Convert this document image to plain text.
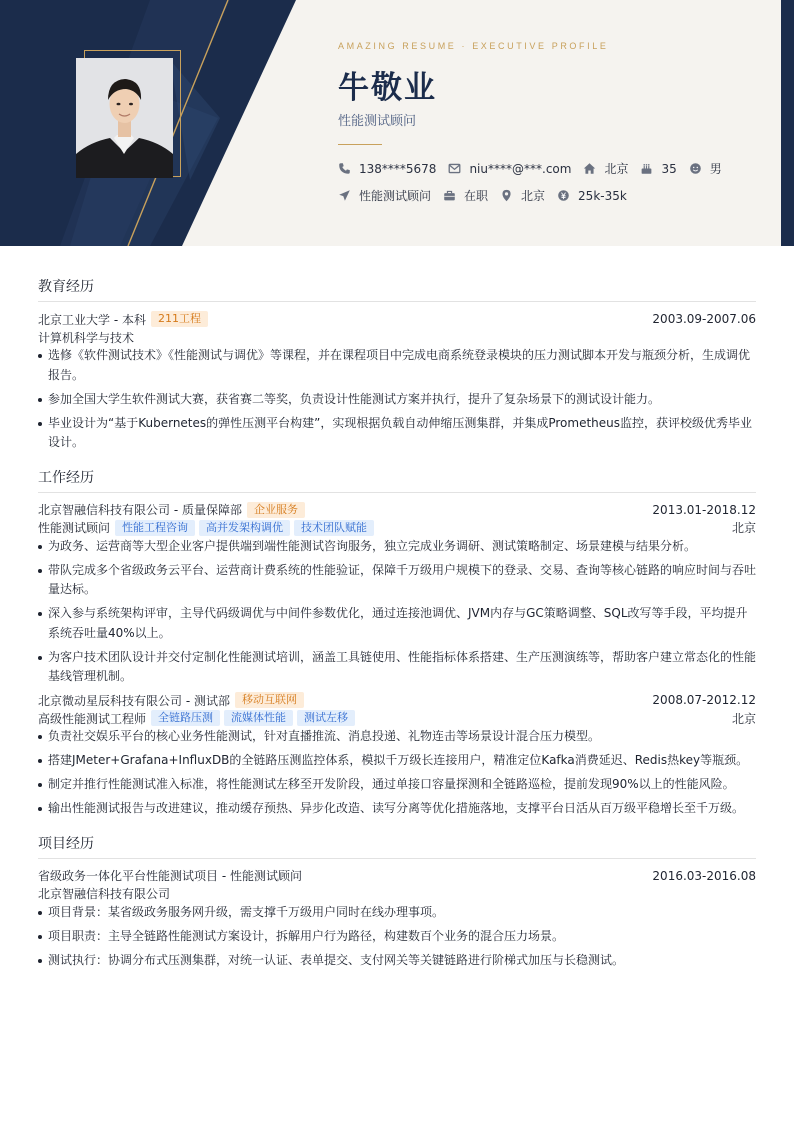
AMAZING RESUME · EXECUTIVE PROFILE
牛敬业
性能测试顾问
138****5678	niu****@***.com	北京	35	男
性能测试顾问	在职	北京	25k-35k
教育经历
北京工业大学 - 本科	211工程	2003.09-2007.06
计算机科学与技术
选修《软件测试技术》《性能测试与调优》等课程，并在课程项目中完成电商系统登录模块的压力测试脚本开发与瓶颈分析，生成调优报告。
参加全国大学生软件测试大赛，获省赛二等奖，负责设计性能测试方案并执行，提升了复杂场景下的测试设计能力。
毕业设计为“基于Kubernetes的弹性压测平台构建”，实现根据负载自动伸缩压测集群，并集成Prometheus监控，获评校级优秀毕业设计。
工作经历
北京智融信科技有限公司 - 质量保障部	企业服务	2013.01-2018.12
性能测试顾问	性能工程咨询	高并发架构调优	技术团队赋能	北京
为政务、运营商等大型企业客户提供端到端性能测试咨询服务，独立完成业务调研、测试策略制定、场景建模与结果分析。
带队完成多个省级政务云平台、运营商计费系统的性能验证，保障千万级用户规模下的登录、交易、查询等核心链路的响应时间与吞吐量达标。
深入参与系统架构评审，主导代码级调优与中间件参数优化，通过连接池调优、JVM内存与GC策略调整、SQL改写等手段，平均提升系统吞吐量40%以上。
为客户技术团队设计并交付定制化性能测试培训，涵盖工具链使用、性能指标体系搭建、生产压测演练等，帮助客户建立常态化的性能基线管理机制。
北京微动星辰科技有限公司 - 测试部	移动互联网	2008.07-2012.12
高级性能测试工程师	全链路压测	流媒体性能	测试左移	北京
负责社交娱乐平台的核心业务性能测试，针对直播推流、消息投递、礼物连击等场景设计混合压力模型。
搭建JMeter+Grafana+InfluxDB的全链路压测监控体系，模拟千万级长连接用户，精准定位Kafka消费延迟、Redis热key等瓶颈。
制定并推行性能测试准入标准，将性能测试左移至开发阶段，通过单接口容量探测和全链路巡检，提前发现90%以上的性能风险。
输出性能测试报告与改进建议，推动缓存预热、异步化改造、读写分离等优化措施落地，支撑平台日活从百万级平稳增长至千万级。
项目经历
省级政务一体化平台性能测试项目 - 性能测试顾问	2016.03-2016.08
北京智融信科技有限公司
项目背景：某省级政务服务网升级，需支撑千万级用户同时在线办理事项。
项目职责：主导全链路性能测试方案设计，拆解用户行为路径，构建数百个业务的混合压力场景。
测试执行：协调分布式压测集群，对统一认证、表单提交、支付网关等关键链路进行阶梯式加压与长稳测试。
